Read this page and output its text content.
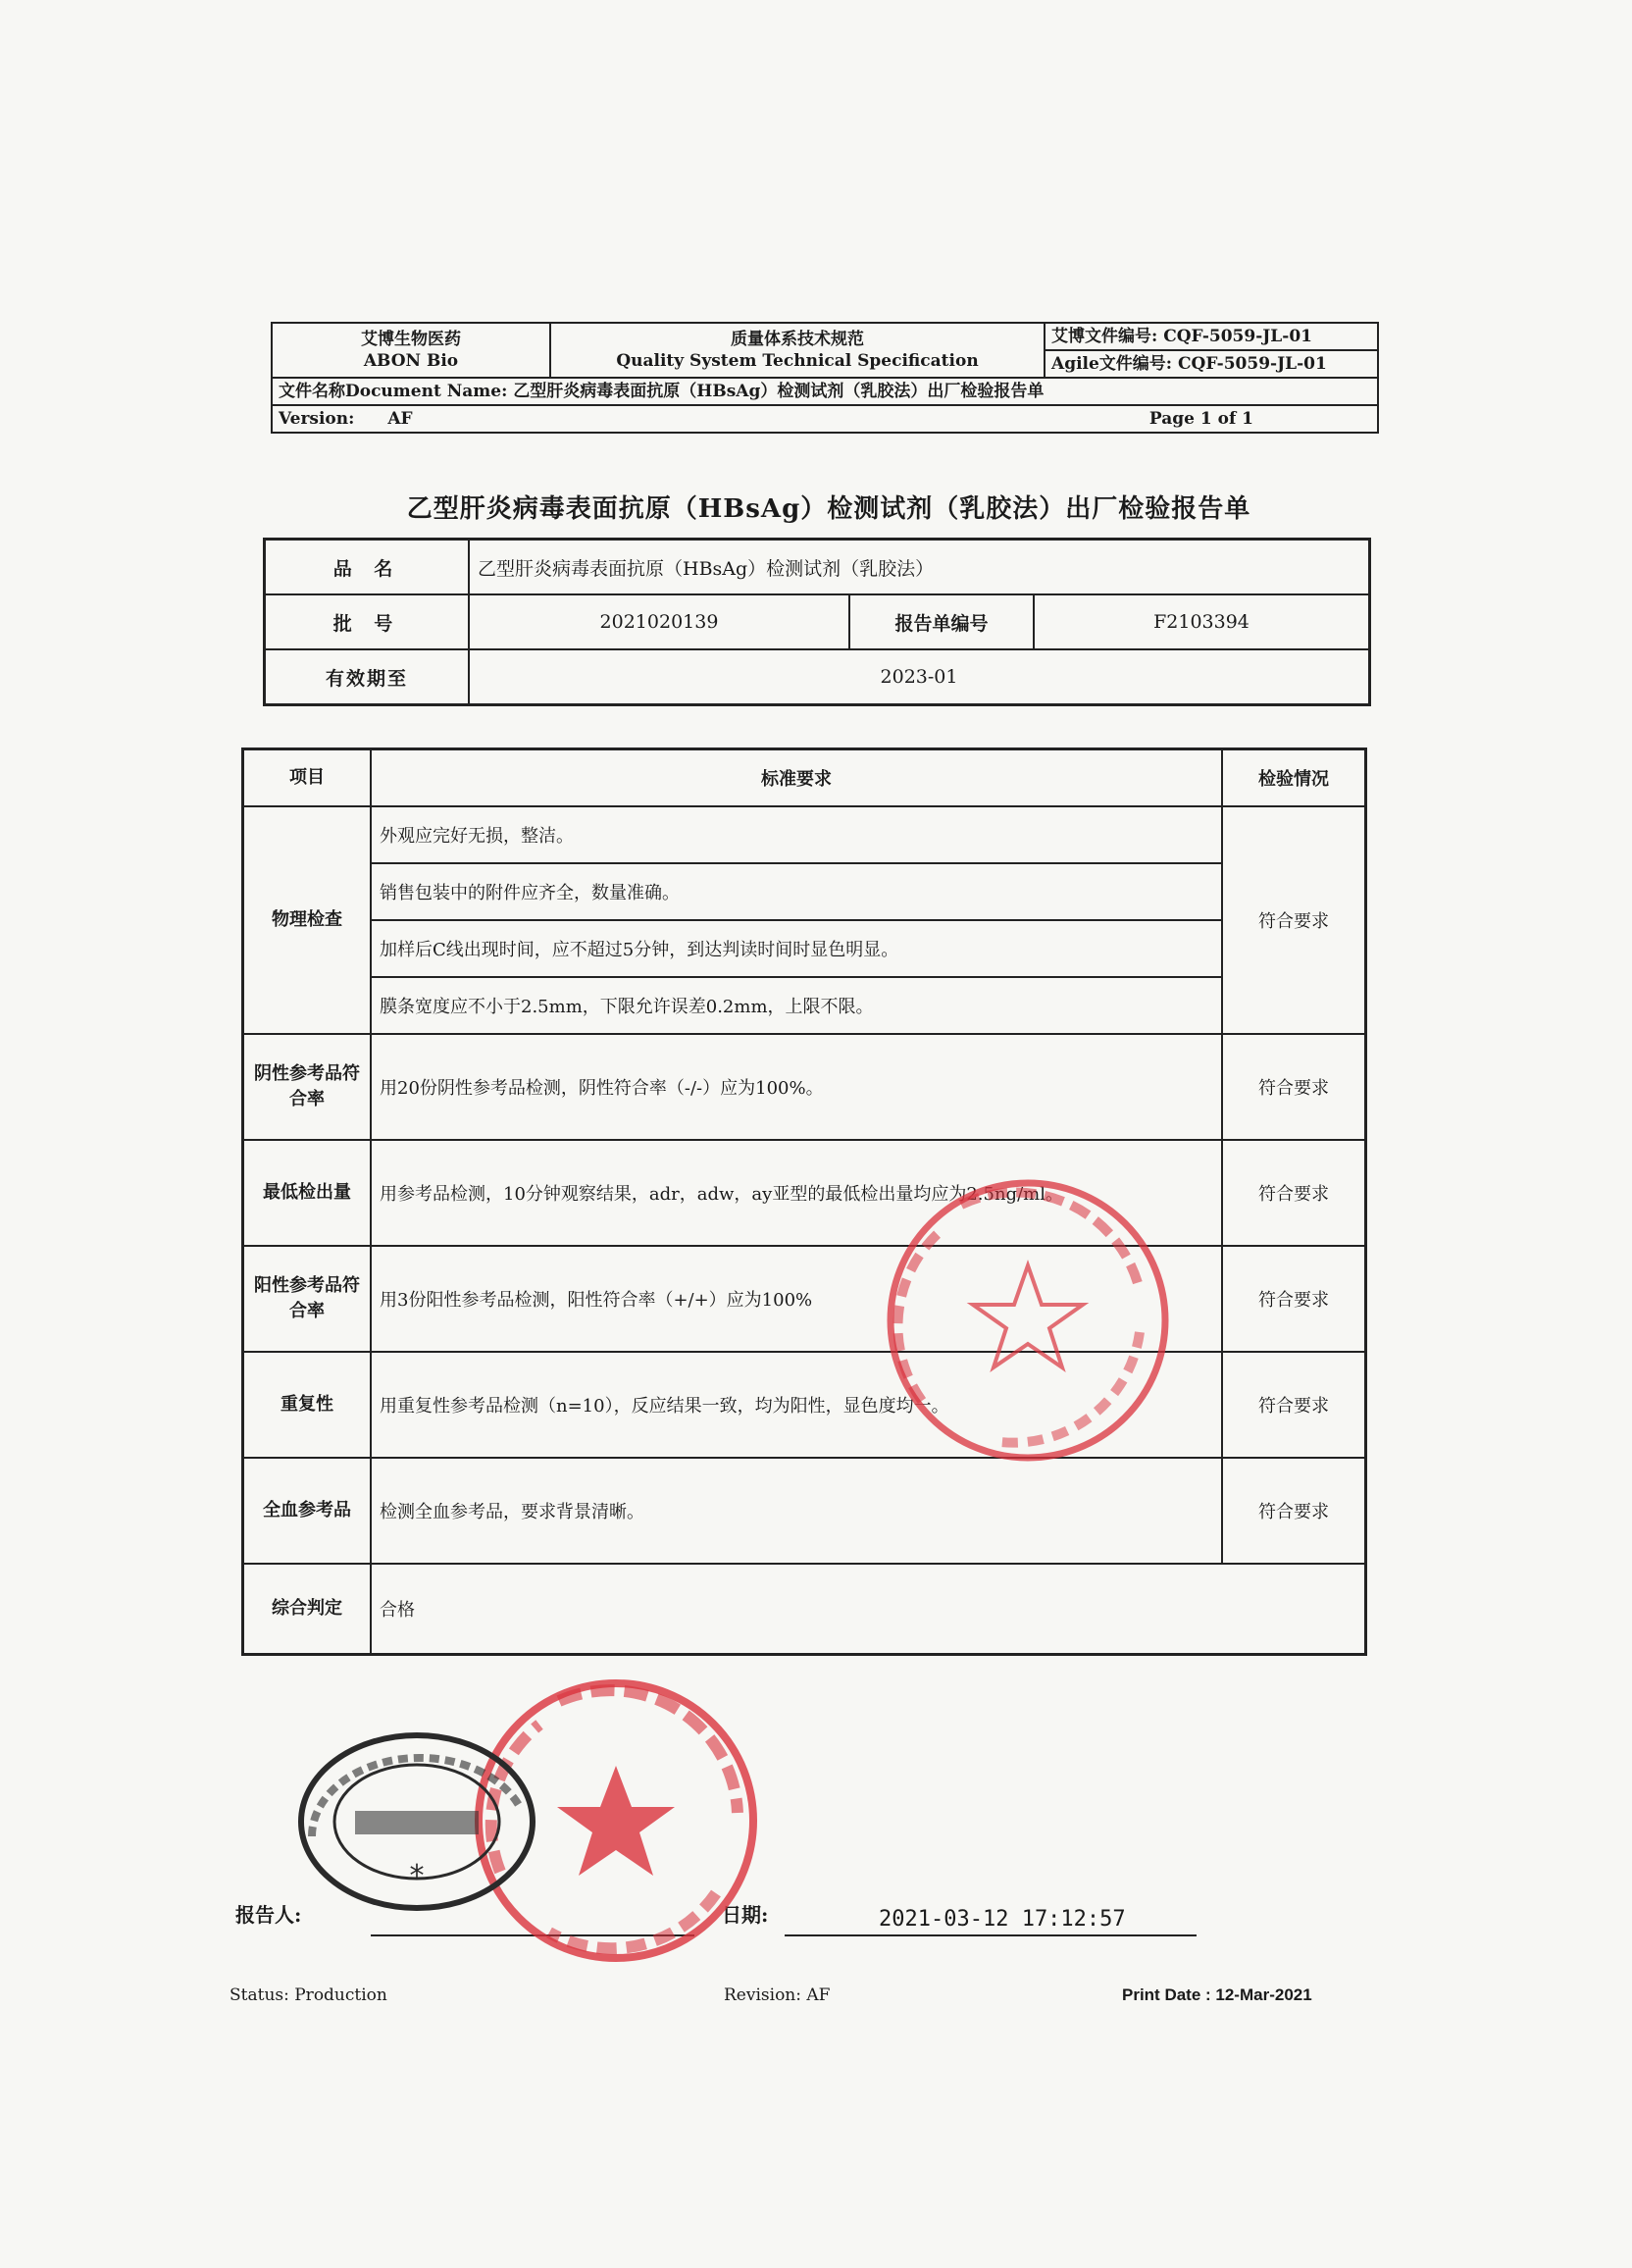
艾博生物医药
ABON Bio

质量体系技术规范
Quality System Technical Specification

艾博文件编号: CQF-5059-JL-01
Agile文件编号: CQF-5059-JL-01

文件名称Document Name: 乙型肝炎病毒表面抗原（HBsAg）检测试剂（乳胶法）出厂检验报告单
Version: AF	Page 1 of 1
乙型肝炎病毒表面抗原（HBsAg）检测试剂（乳胶法）出厂检验报告单
品 名	乙型肝炎病毒表面抗原（HBsAg）检测试剂（乳胶法）		
批 号	2021020139	报告单编号	F2103394
有效期至	2023-01		
项目	标准要求	检验情况
物理检查	外观应完好无损，整洁。	符合要求
	销售包装中的附件应齐全，数量准确。	
	加样后C线出现时间，应不超过5分钟，到达判读时间时显色明显。	
	膜条宽度应不小于2.5mm，下限允许误差0.2mm，上限不限。	
阴性参考品符合率	用20份阴性参考品检测，阴性符合率（-/-）应为100%。	符合要求
最低检出量	用参考品检测，10分钟观察结果，adr，adw，ay亚型的最低检出量均应为2.5ng/ml。	符合要求
阳性参考品符合率	用3份阳性参考品检测，阳性符合率（+/+）应为100%	符合要求
重复性	用重复性参考品检测（n=10），反应结果一致，均为阳性，显色度均一。	符合要求
全血参考品	检测全血参考品，要求背景清晰。	符合要求
综合判定	合格	
报告人:	日期:	2021-03-12 17:12:57
Status: Production	Revision: AF	Print Date : 12-Mar-2021
*
